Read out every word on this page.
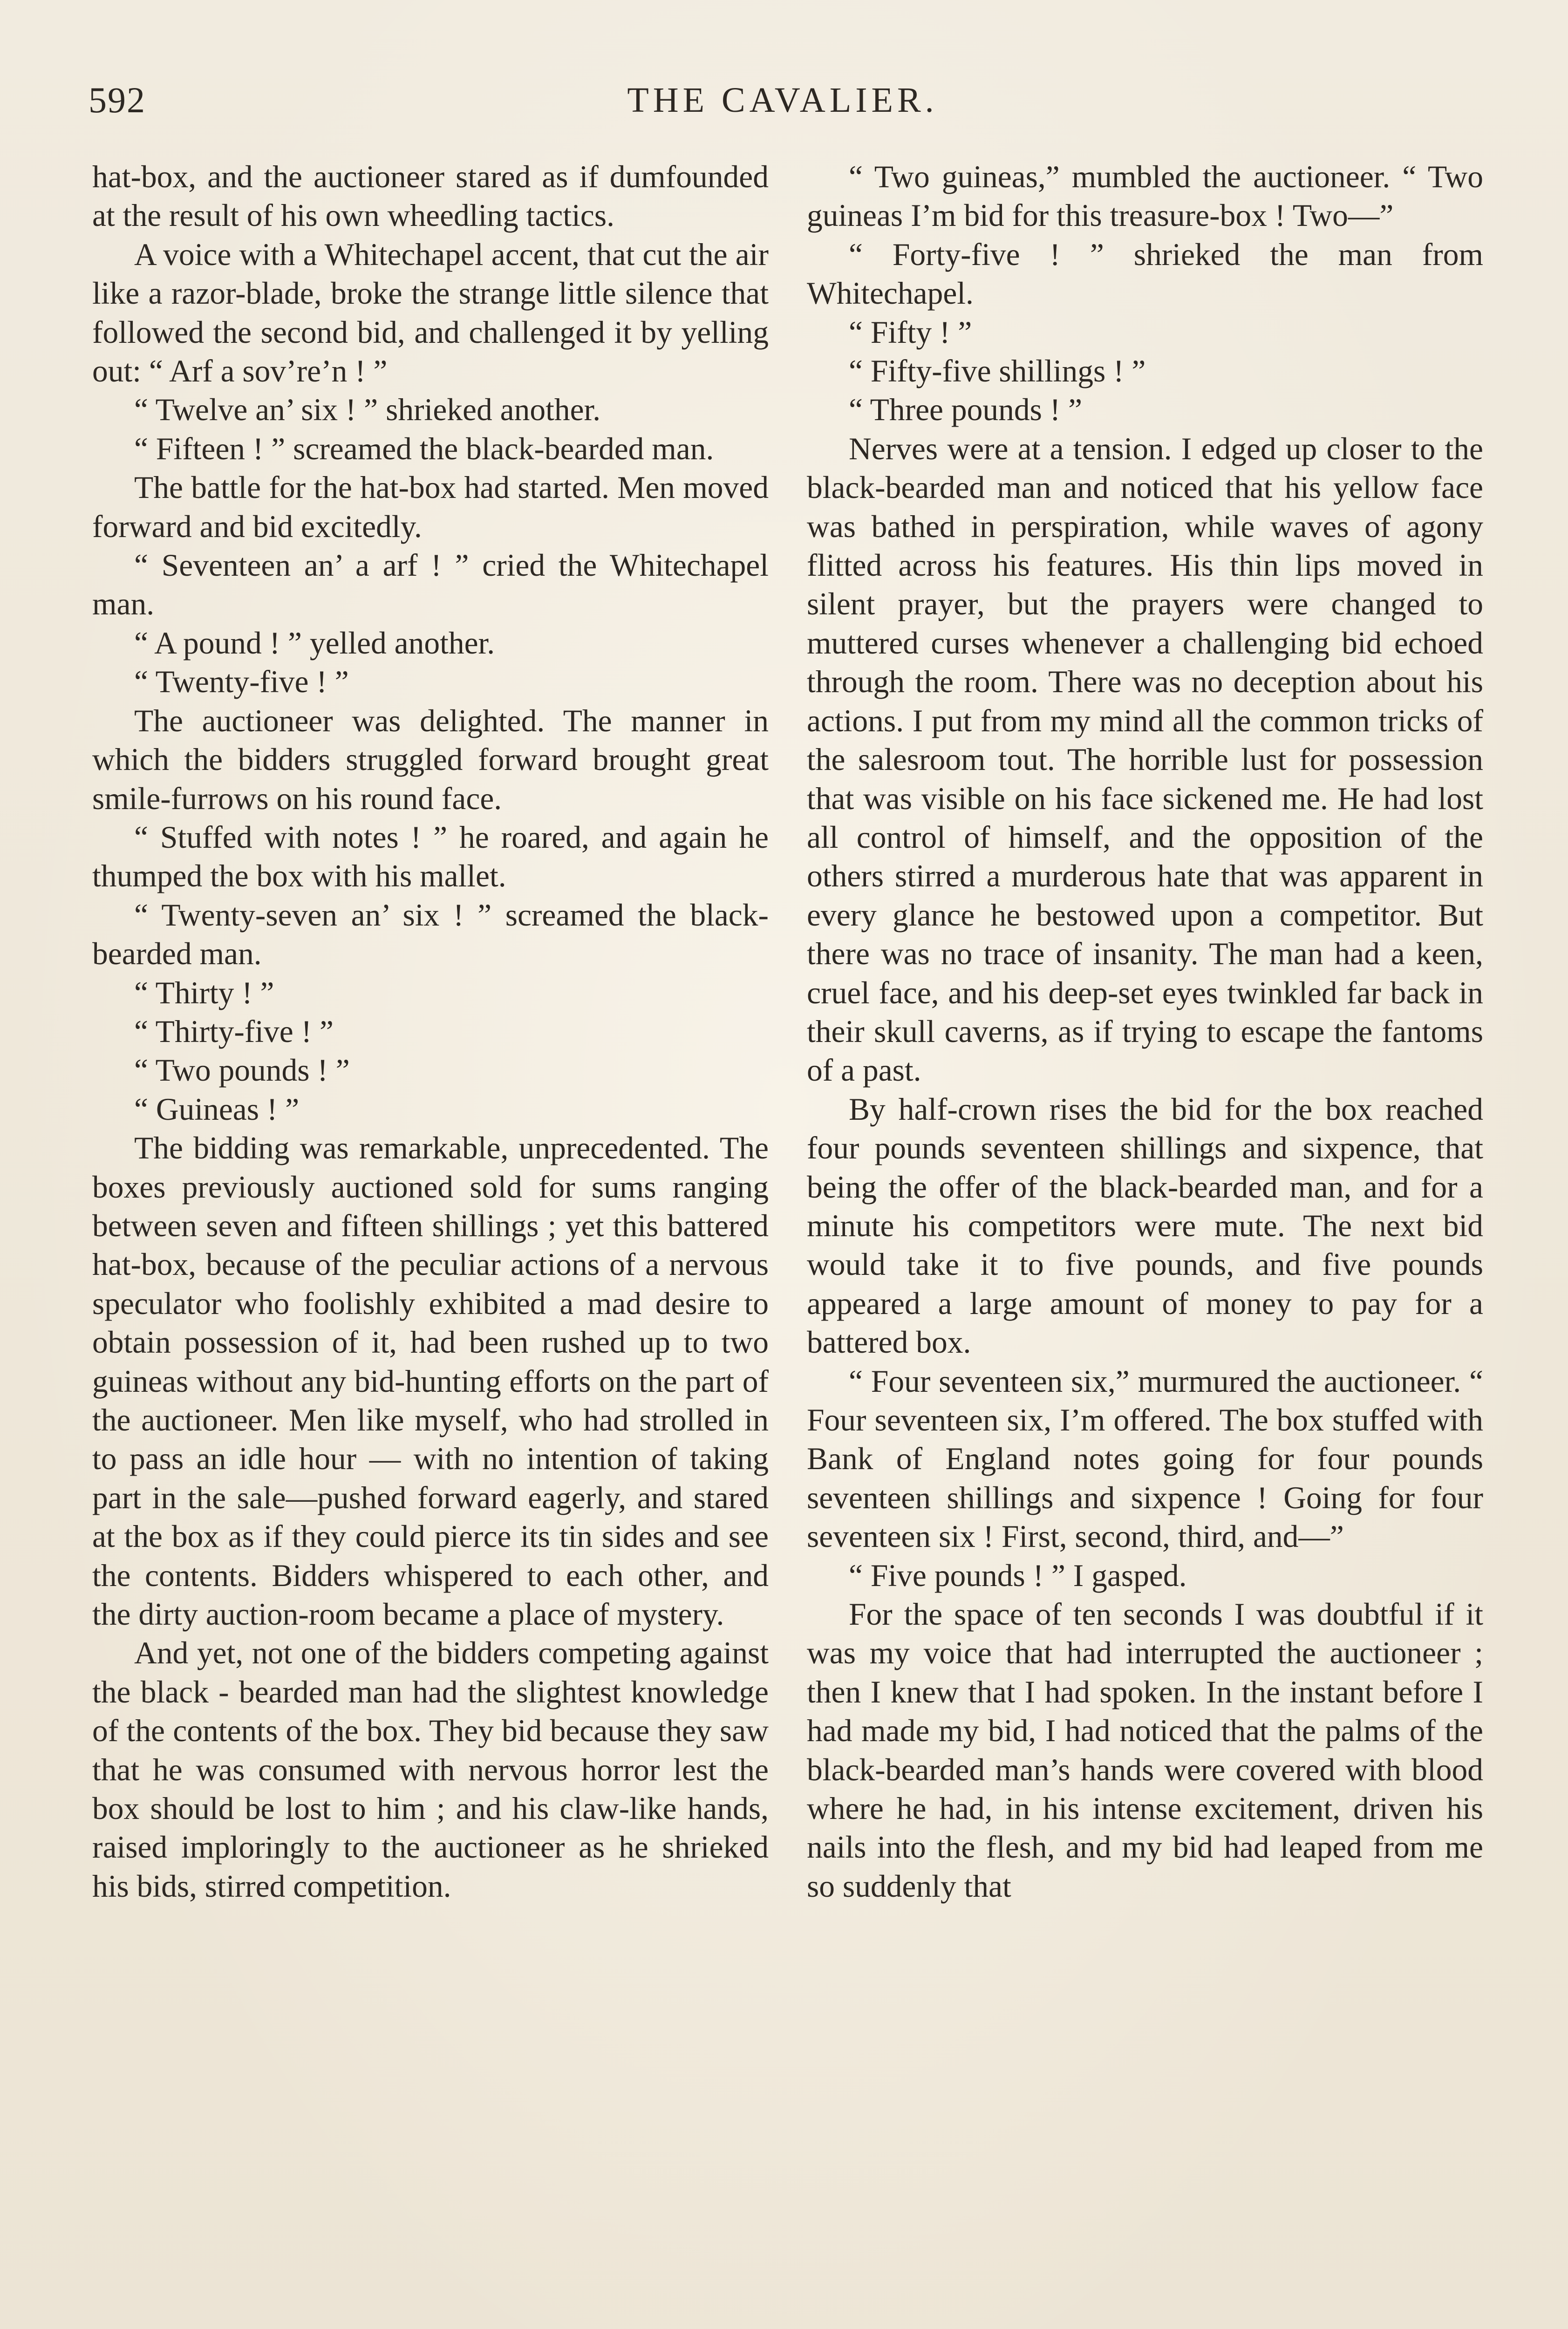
592	THE CAVALIER.

hat-box, and the auctioneer stared as if dumfounded at the result of his own wheedling tactics.

A voice with a Whitechapel accent, that cut the air like a razor-blade, broke the strange little silence that followed the second bid, and challenged it by yelling out: “ Arf a sov’re’n ! ”

“ Twelve an’ six ! ” shrieked another.

“ Fifteen ! ” screamed the black-bearded man.

The battle for the hat-box had started. Men moved forward and bid excitedly.

“ Seventeen an’ a arf ! ” cried the Whitechapel man.

“ A pound ! ” yelled another.

“ Twenty-five ! ”

The auctioneer was delighted. The manner in which the bidders struggled forward brought great smile-furrows on his round face.

“ Stuffed with notes ! ” he roared, and again he thumped the box with his mallet.

“ Twenty-seven an’ six ! ” screamed the black-bearded man.

“ Thirty ! ”

“ Thirty-five ! ”

“ Two pounds ! ”

“ Guineas ! ”

The bidding was remarkable, unprecedented. The boxes previously auctioned sold for sums ranging between seven and fifteen shillings ; yet this battered hat-box, because of the peculiar actions of a nervous speculator who foolishly exhibited a mad desire to obtain possession of it, had been rushed up to two guineas without any bid-hunting efforts on the part of the auctioneer. Men like myself, who had strolled in to pass an idle hour — with no intention of taking part in the sale—pushed forward eagerly, and stared at the box as if they could pierce its tin sides and see the contents. Bidders whispered to each other, and the dirty auction-room became a place of mystery.

And yet, not one of the bidders competing against the black - bearded man had the slightest knowledge of the contents of the box. They bid because they saw that he was consumed with nervous horror lest the box should be lost to him ; and his claw-like hands, raised imploringly to the auctioneer as he shrieked his bids, stirred competition.

“ Two guineas,” mumbled the auctioneer. “ Two guineas I’m bid for this treasure-box ! Two—”

“ Forty-five ! ” shrieked the man from Whitechapel.

“ Fifty ! ”

“ Fifty-five shillings ! ”

“ Three pounds ! ”

Nerves were at a tension. I edged up closer to the black-bearded man and noticed that his yellow face was bathed in perspiration, while waves of agony flitted across his features. His thin lips moved in silent prayer, but the prayers were changed to muttered curses whenever a challenging bid echoed through the room. There was no deception about his actions. I put from my mind all the common tricks of the salesroom tout. The horrible lust for possession that was visible on his face sickened me. He had lost all control of himself, and the opposition of the others stirred a murderous hate that was apparent in every glance he bestowed upon a competitor. But there was no trace of insanity. The man had a keen, cruel face, and his deep-set eyes twinkled far back in their skull caverns, as if trying to escape the fantoms of a past.

By half-crown rises the bid for the box reached four pounds seventeen shillings and sixpence, that being the offer of the black-bearded man, and for a minute his competitors were mute. The next bid would take it to five pounds, and five pounds appeared a large amount of money to pay for a battered box.

“ Four seventeen six,” murmured the auctioneer. “ Four seventeen six, I’m offered. The box stuffed with Bank of England notes going for four pounds seventeen shillings and sixpence ! Going for four seventeen six ! First, second, third, and—”

“ Five pounds ! ” I gasped.

For the space of ten seconds I was doubtful if it was my voice that had interrupted the auctioneer ; then I knew that I had spoken. In the instant before I had made my bid, I had noticed that the palms of the black-bearded man’s hands were covered with blood where he had, in his intense excitement, driven his nails into the flesh, and my bid had leaped from me so suddenly that
